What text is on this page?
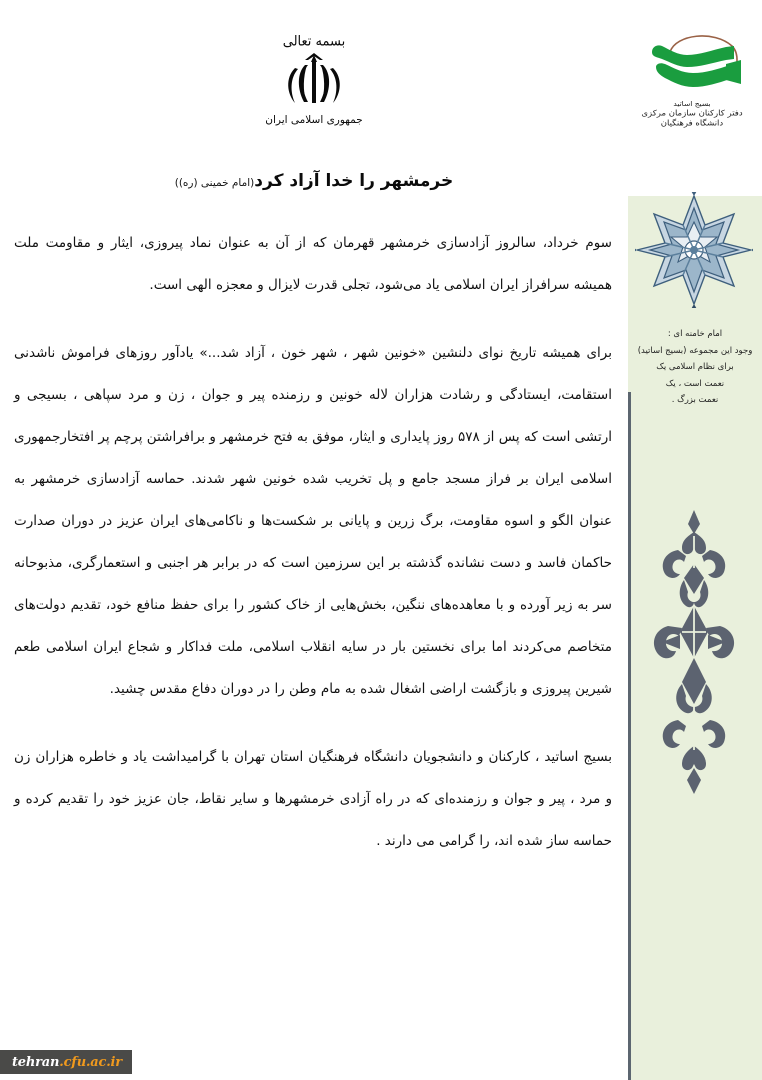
بسمه تعالی
جمهوری اسلامی ایران
خرمشهر را خدا آزاد کرد(امام خمینی (ره))

سوم خرداد، سالروز آزادسازی خرمشهر قهرمان که از آن به عنوان نماد پیروزی، ایثار و مقاومت ملت همیشه سرافراز ایران اسلامی یاد می‌شود، تجلی قدرت لایزال و معجزه الهی است.

برای همیشه تاریخ نوای دلنشین «خونین شهر ، شهر خون ، آزاد شد...» یادآور روزهای فراموش ناشدنی استقامت، ایستادگی و رشادت هزاران لاله خونین و رزمنده پیر و جوان ، زن و مرد سپاهی ، بسیجی و ارتشی است که پس از ۵۷۸ روز پایداری و ایثار، موفق به فتح خرمشهر و برافراشتن پرچم پر افتخارجمهوری اسلامی ایران بر فراز مسجد جامع و پل تخریب شده خونین شهر شدند. حماسه آزادسازی خرمشهر به عنوان الگو و اسوه مقاومت، برگ زرین و پایانی بر شکست‌ها و ناکامی‌های ایران عزیز در دوران صدارت حاکمان فاسد و دست نشانده گذشته بر این سرزمین است که در برابر هر اجنبی و استعمارگری، مذبوحانه سر به زیر آورده و با معاهده‌های ننگین، بخش‌هایی از خاک کشور را برای حفظ منافع خود، تقدیم دولت‌های متخاصم می‌کردند اما برای نخستین بار در سایه انقلاب اسلامی، ملت فداکار و شجاع ایران اسلامی طعم شیرین پیروزی و بازگشت اراضی اشغال شده به مام وطن را در دوران دفاع مقدس چشید.

بسیج اساتید ، کارکنان و دانشجویان دانشگاه فرهنگیان استان تهران با گرامیداشت یاد و خاطره هزاران زن و مرد ، پیر و جوان و رزمنده‌ای که در راه آزادی خرمشهرها و سایر نقاط، جان عزیز خود را تقدیم کرده و حماسه ساز شده اند، را گرامی می دارند .

tehran .cfu.ac.ir
بسیج اساتید
دفتر کارکنان سازمان مرکزی دانشگاه فرهنگیان
امام خامنه ای :
وجود این مجموعه (بسیج اساتید)
برای نظام اسلامی یک
نعمت است ، یک
نعمت بزرگ .
